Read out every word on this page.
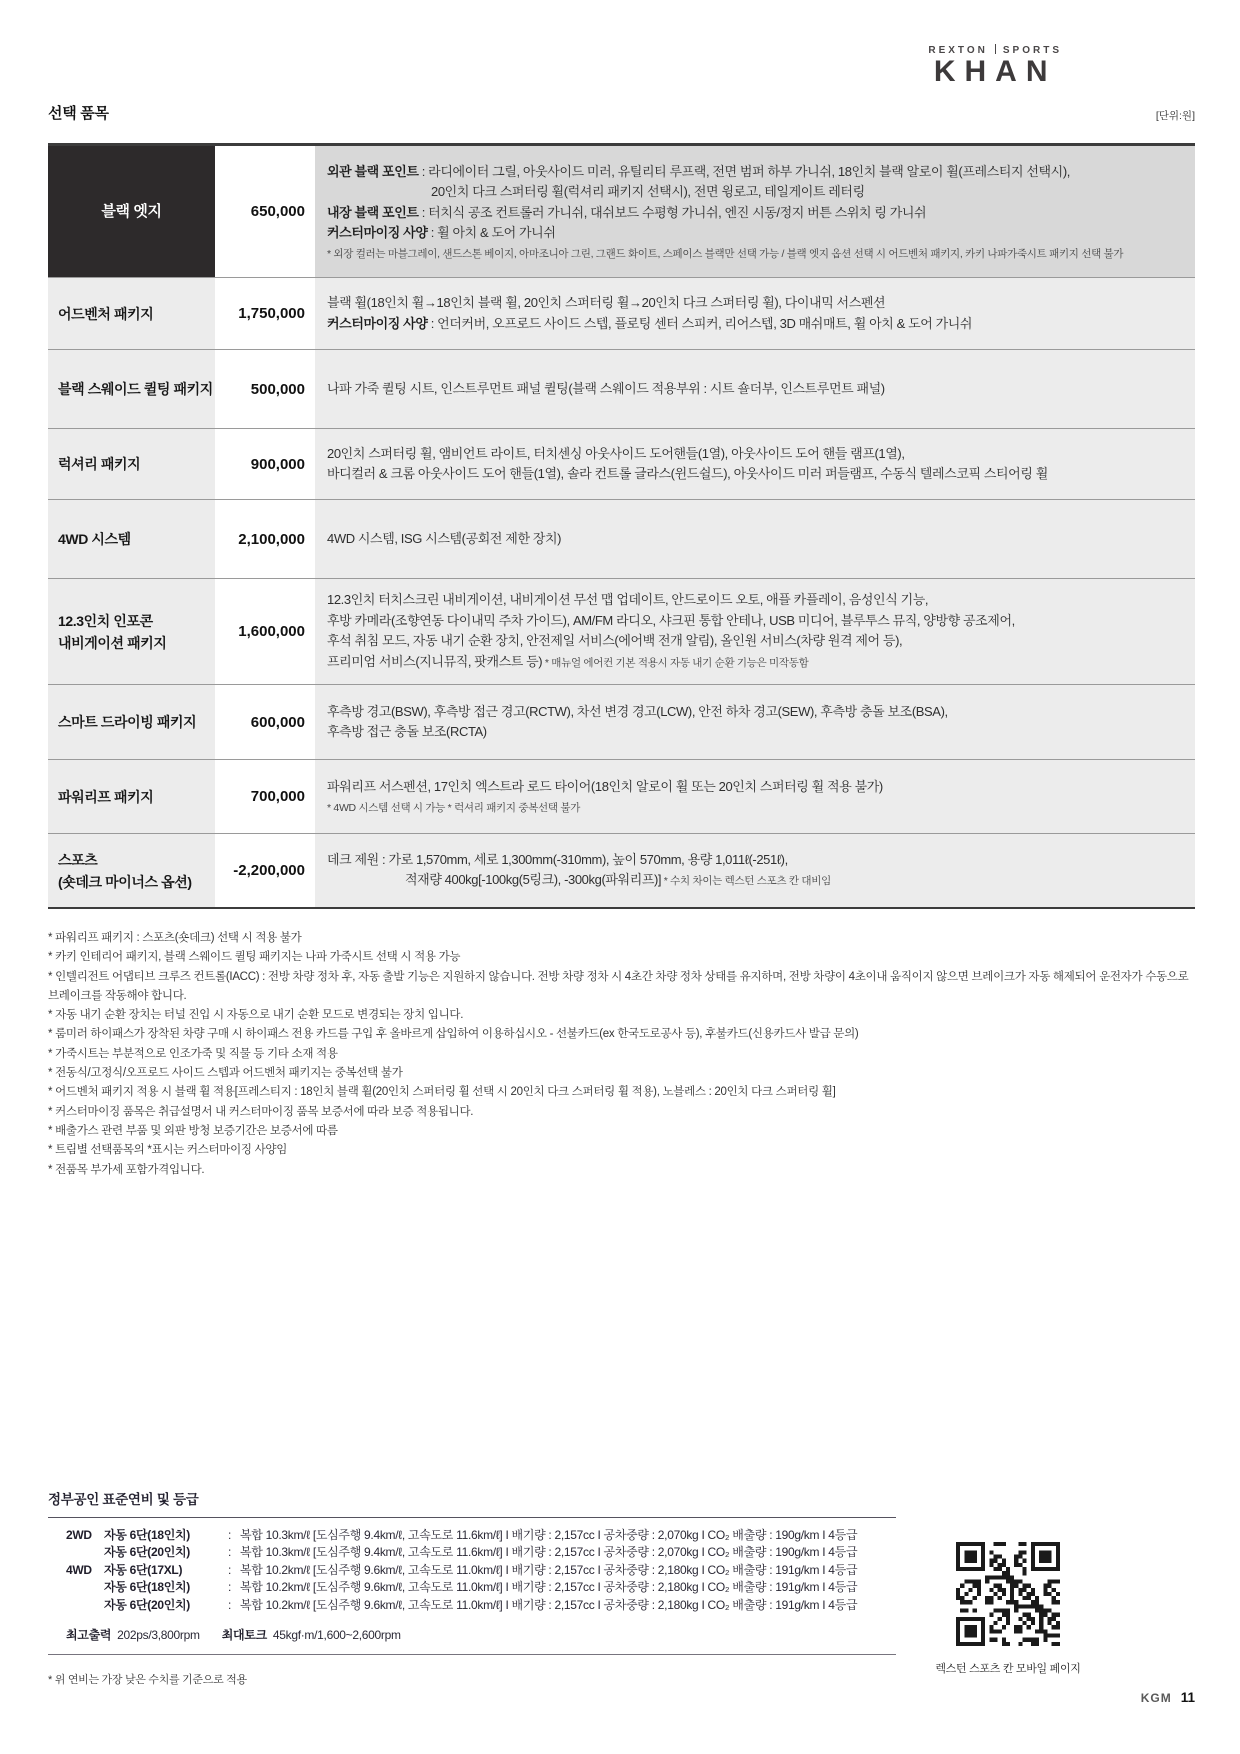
REXTON SPORTS
KHAN
선택 품목	[단위:원]
블랙 엣지	650,000
외관 블랙 포인트 : 라디에이터 그릴, 아웃사이드 미러, 유틸리티 루프랙, 전면 범퍼 하부 가니쉬, 18인치 블랙 알로이 휠(프레스티지 선택시),
20인치 다크 스퍼터링 휠(럭셔리 패키지 선택시), 전면 윙로고, 테일게이트 레터링
내장 블랙 포인트 : 터치식 공조 컨트롤러 가니쉬, 대쉬보드 수평형 가니쉬, 엔진 시동/정지 버튼 스위치 링 가니쉬
커스터마이징 사양 : 휠 아치 & 도어 가니쉬
* 외장 컬러는 마블그레이, 샌드스톤 베이지, 아마조니아 그린, 그랜드 화이트, 스페이스 블랙만 선택 가능 / 블랙 엣지 옵션 선택 시 어드벤처 패키지, 카키 나파가죽시트 패키지 선택 불가
어드벤처 패키지	1,750,000
블랙 휠(18인치 휠→18인치 블랙 휠, 20인치 스퍼터링 휠→20인치 다크 스퍼터링 휠), 다이내믹 서스펜션
커스터마이징 사양 : 언더커버, 오프로드 사이드 스텝, 플로팅 센터 스피커, 리어스텝, 3D 매쉬매트, 휠 아치 & 도어 가니쉬
블랙 스웨이드 퀼팅 패키지	500,000 나파 가죽 퀼팅 시트, 인스트루먼트 패널 퀼팅(블랙 스웨이드 적용부위 : 시트 숄더부, 인스트루먼트 패널)
럭셔리 패키지	900,000
20인치 스퍼터링 휠, 앰비언트 라이트, 터치센싱 아웃사이드 도어핸들(1열), 아웃사이드 도어 핸들 램프(1열),
바디컬러 & 크롬 아웃사이드 도어 핸들(1열), 솔라 컨트롤 글라스(윈드쉴드), 아웃사이드 미러 퍼들램프, 수동식 텔레스코픽 스티어링 휠
4WD 시스템	2,100,000 4WD 시스템, ISG 시스템(공회전 제한 장치)
12.3인치 인포콘
내비게이션 패키지
1,600,000
12.3인치 터치스크린 내비게이션, 내비게이션 무선 맵 업데이트, 안드로이드 오토, 애플 카플레이, 음성인식 기능,
후방 카메라(조향연동 다이내믹 주차 가이드), AM/FM 라디오, 샤크핀 통합 안테나, USB 미디어, 블루투스 뮤직, 양방향 공조제어,
후석 취침 모드, 자동 내기 순환 장치, 안전제일 서비스(에어백 전개 알림), 올인원 서비스(차량 원격 제어 등),
프리미엄 서비스(지니뮤직, 팟캐스트 등) * 매뉴얼 에어컨 기본 적용시 자동 내기 순환 기능은 미작동함
스마트 드라이빙 패키지	600,000
후측방 경고(BSW), 후측방 접근 경고(RCTW), 차선 변경 경고(LCW), 안전 하차 경고(SEW), 후측방 충돌 보조(BSA),
후측방 접근 충돌 보조(RCTA)
파워리프 패키지	700,000
파워리프 서스펜션, 17인치 엑스트라 로드 타이어(18인치 알로이 휠 또는 20인치 스퍼터링 휠 적용 불가)
* 4WD 시스템 선택 시 가능 * 럭셔리 패키지 중복선택 불가
스포츠
(숏데크 마이너스 옵션)
-2,200,000
데크 제원 : 가로 1,570mm, 세로 1,300mm(-310mm), 높이 570mm, 용량 1,011ℓ(-251ℓ),
적재량 400kg[-100kg(5링크), -300kg(파워리프)] * 수치 차이는 렉스턴 스포츠 칸 대비임
* 파워리프 패키지 : 스포츠(숏데크) 선택 시 적용 불가
* 카키 인테리어 패키지, 블랙 스웨이드 퀼팅 패키지는 나파 가죽시트 선택 시 적용 가능
* 인텔리전트 어댑티브 크루즈 컨트롤(IACC) : 전방 차량 정차 후, 자동 출발 기능은 지원하지 않습니다. 전방 차량 정차 시 4초간 차량 정차 상태를 유지하며, 전방 차량이 4초이내 움직이지 않으면 브레이크가 자동 해제되어 운전자가 수동으로 브레이크를 작동해야 합니다.
* 자동 내기 순환 장치는 터널 진입 시 자동으로 내기 순환 모드로 변경되는 장치 입니다.
* 룸미러 하이패스가 장착된 차량 구매 시 하이패스 전용 카드를 구입 후 올바르게 삽입하여 이용하십시오 - 선불카드(ex 한국도로공사 등), 후불카드(신용카드사 발급 문의)
* 가죽시트는 부분적으로 인조가죽 및 직물 등 기타 소재 적용
* 전동식/고정식/오프로드 사이드 스텝과 어드벤처 패키지는 중복선택 불가
* 어드벤처 패키지 적용 시 블랙 휠 적용[프레스티지 : 18인치 블랙 휠(20인치 스퍼터링 휠 선택 시 20인치 다크 스퍼터링 휠 적용), 노블레스 : 20인치 다크 스퍼터링 휠]
* 커스터마이징 품목은 취급설명서 내 커스터마이징 품목 보증서에 따라 보증 적용됩니다.
* 배출가스 관련 부품 및 외판 방청 보증기간은 보증서에 따름
* 트림별 선택품목의 *표시는 커스터마이징 사양임
* 전품목 부가세 포함가격입니다.
정부공인 표준연비 및 등급
2WD	자동 6단(18인치)	: 복합 10.3km/ℓ [도심주행 9.4km/ℓ, 고속도로 11.6km/ℓ] I 배기량 : 2,157cc I 공차중량 : 2,070kg I CO₂ 배출량 : 190g/km I 4등급
자동 6단(20인치)	: 복합 10.3km/ℓ [도심주행 9.4km/ℓ, 고속도로 11.6km/ℓ] I 배기량 : 2,157cc I 공차중량 : 2,070kg I CO₂ 배출량 : 190g/km I 4등급
4WD	자동 6단(17XL)	: 복합 10.2km/ℓ [도심주행 9.6km/ℓ, 고속도로 11.0km/ℓ] I 배기량 : 2,157cc I 공차중량 : 2,180kg I CO₂ 배출량 : 191g/km I 4등급
자동 6단(18인치)	: 복합 10.2km/ℓ [도심주행 9.6km/ℓ, 고속도로 11.0km/ℓ] I 배기량 : 2,157cc I 공차중량 : 2,180kg I CO₂ 배출량 : 191g/km I 4등급
자동 6단(20인치)	: 복합 10.2km/ℓ [도심주행 9.6km/ℓ, 고속도로 11.0km/ℓ] I 배기량 : 2,157cc I 공차중량 : 2,180kg I CO₂ 배출량 : 191g/km I 4등급
최고출력 202ps/3,800rpm 최대토크 45kgf·m/1,600~2,600rpm
* 위 연비는 가장 낮은 수치를 기준으로 적용
렉스턴 스포츠 칸 모바일 페이지
KGM 11
